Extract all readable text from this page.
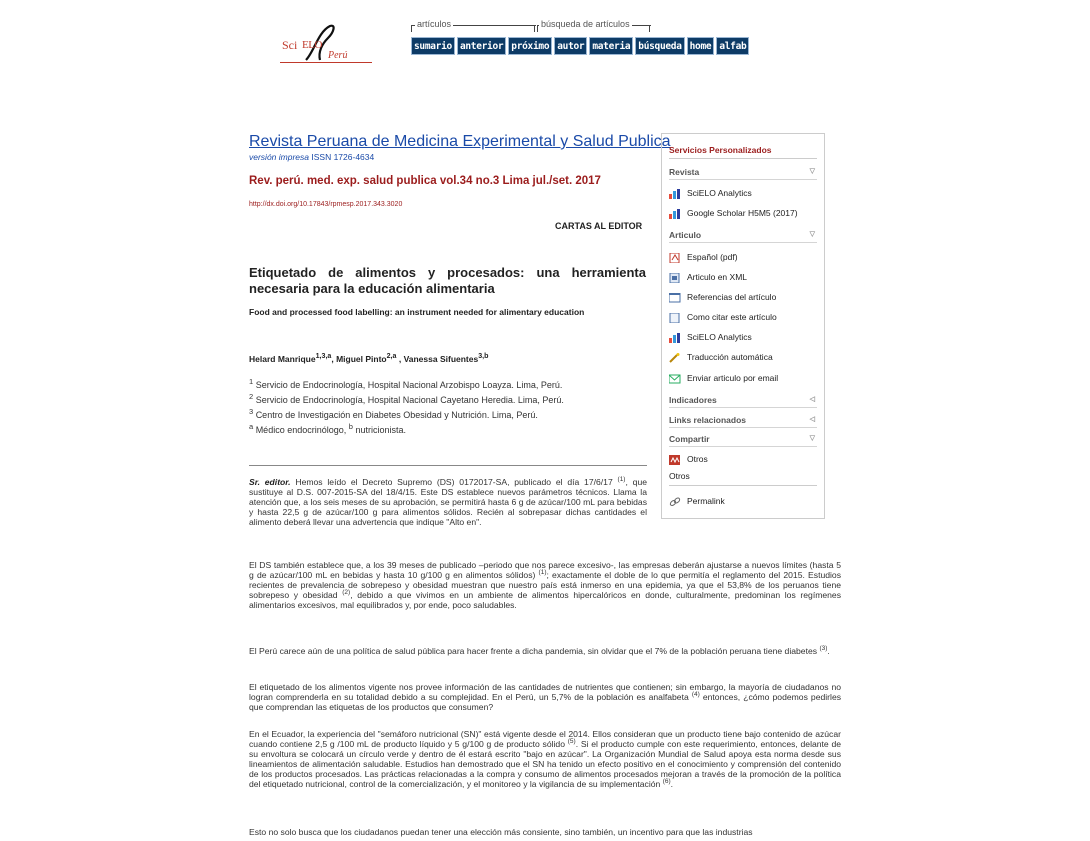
Sci ELO
Perú
artículos	búsqueda de artículos
sumario anterior próximo autor materia búsqueda home alfab
Revista Peruana de Medicina Experimental y Salud Publica
versión impresa ISSN 1726-4634
Rev. perú. med. exp. salud publica vol.34 no.3 Lima jul./set. 2017
http://dx.doi.org/10.17843/rpmesp.2017.343.3020
CARTAS AL EDITOR
Etiquetado de alimentos y procesados: una herramienta necesaria para la educación alimentaria
Food and processed food labelling: an instrument needed for alimentary education
Helard Manrique$^{1,3,a}$, Miguel Pinto$^{2,a}$ , Vanessa Sifuentes$^{3,b}$
$^1$ Servicio de Endocrinología, Hospital Nacional Arzobispo Loayza. Lima, Perú.
$^2$ Servicio de Endocrinología, Hospital Nacional Cayetano Heredia. Lima, Perú.
$^3$ Centro de Investigación en Diabetes Obesidad y Nutrición. Lima, Perú.
$^a$ Médico endocrinólogo, $^b$ nutricionista.
Sr. editor. Hemos leído el Decreto Supremo (DS) 0172017-SA, publicado el día 17/6/17 $^{(1)}$, que sustituye al D.S. 007-2015-SA del 18/4/15. Este DS establece nuevos parámetros técnicos. Llama la atención que, a los seis meses de su aprobación, se permitirá hasta 6 g de azúcar/100 mL para bebidas y hasta 22,5 g de azúcar/100 g para alimentos sólidos. Recién al sobrepasar dichas cantidades el alimento deberá llevar una advertencia que indique "Alto en".
El DS también establece que, a los 39 meses de publicado –periodo que nos parece excesivo-, las empresas deberán ajustarse a nuevos límites (hasta 5 g de azúcar/100 mL en bebidas y hasta 10 g/100 g en alimentos sólidos) $^{(1)}$; exactamente el doble de lo que permitía el reglamento del 2015. Estudios recientes de prevalencia de sobrepeso y obesidad muestran que nuestro país está inmerso en una epidemia, ya que el 53,8% de los peruanos tiene sobrepeso y obesidad $^{(2)}$, debido a que vivimos en un ambiente de alimentos hipercalóricos en donde, culturalmente, predominan los regímenes alimentarios excesivos, mal equilibrados y, por ende, poco saludables.
El Perú carece aún de una política de salud pública para hacer frente a dicha pandemia, sin olvidar que el 7% de la población peruana tiene diabetes $^{(3)}$.
El etiquetado de los alimentos vigente nos provee información de las cantidades de nutrientes que contienen; sin embargo, la mayoría de ciudadanos no logran comprenderla en su totalidad debido a su complejidad. En el Perú, un 5,7% de la población es analfabeta $^{(4)}$ entonces, ¿cómo podemos pedirles que comprendan las etiquetas de los productos que consumen?
En el Ecuador, la experiencia del "semáforo nutricional (SN)" está vigente desde el 2014. Ellos consideran que un producto tiene bajo contenido de azúcar cuando contiene 2,5 g /100 mL de producto líquido y 5 g/100 g de producto sólido $^{(5)}$. Si el producto cumple con este requerimiento, entonces, delante de su envoltura se colocará un círculo verde y dentro de él estará escrito "bajo en azúcar". La Organización Mundial de Salud apoya esta norma desde sus lineamientos de alimentación saludable. Estudios han demostrado que el SN ha tenido un efecto positivo en el conocimiento y comprensión del contenido de los productos procesados. Las prácticas relacionadas a la compra y consumo de alimentos procesados mejoran a través de la promoción de la política del etiquetado nutricional, control de la comercialización, y el monitoreo y la vigilancia de su implementación $^{(6)}$.
Esto no solo busca que los ciudadanos puedan tener una elección más consiente, sino también, un incentivo para que las industrias
Servicios Personalizados
Revista	▽
SciELO Analytics
Google Scholar H5M5 (2017)
Articulo	▽
Español (pdf)
Articulo en XML
Referencias del artículo
Como citar este artículo
SciELO Analytics
Traducción automática
Enviar articulo por email
Indicadores	◁
Links relacionados	◁
Compartir	▽
Otros
Otros
Permalink
